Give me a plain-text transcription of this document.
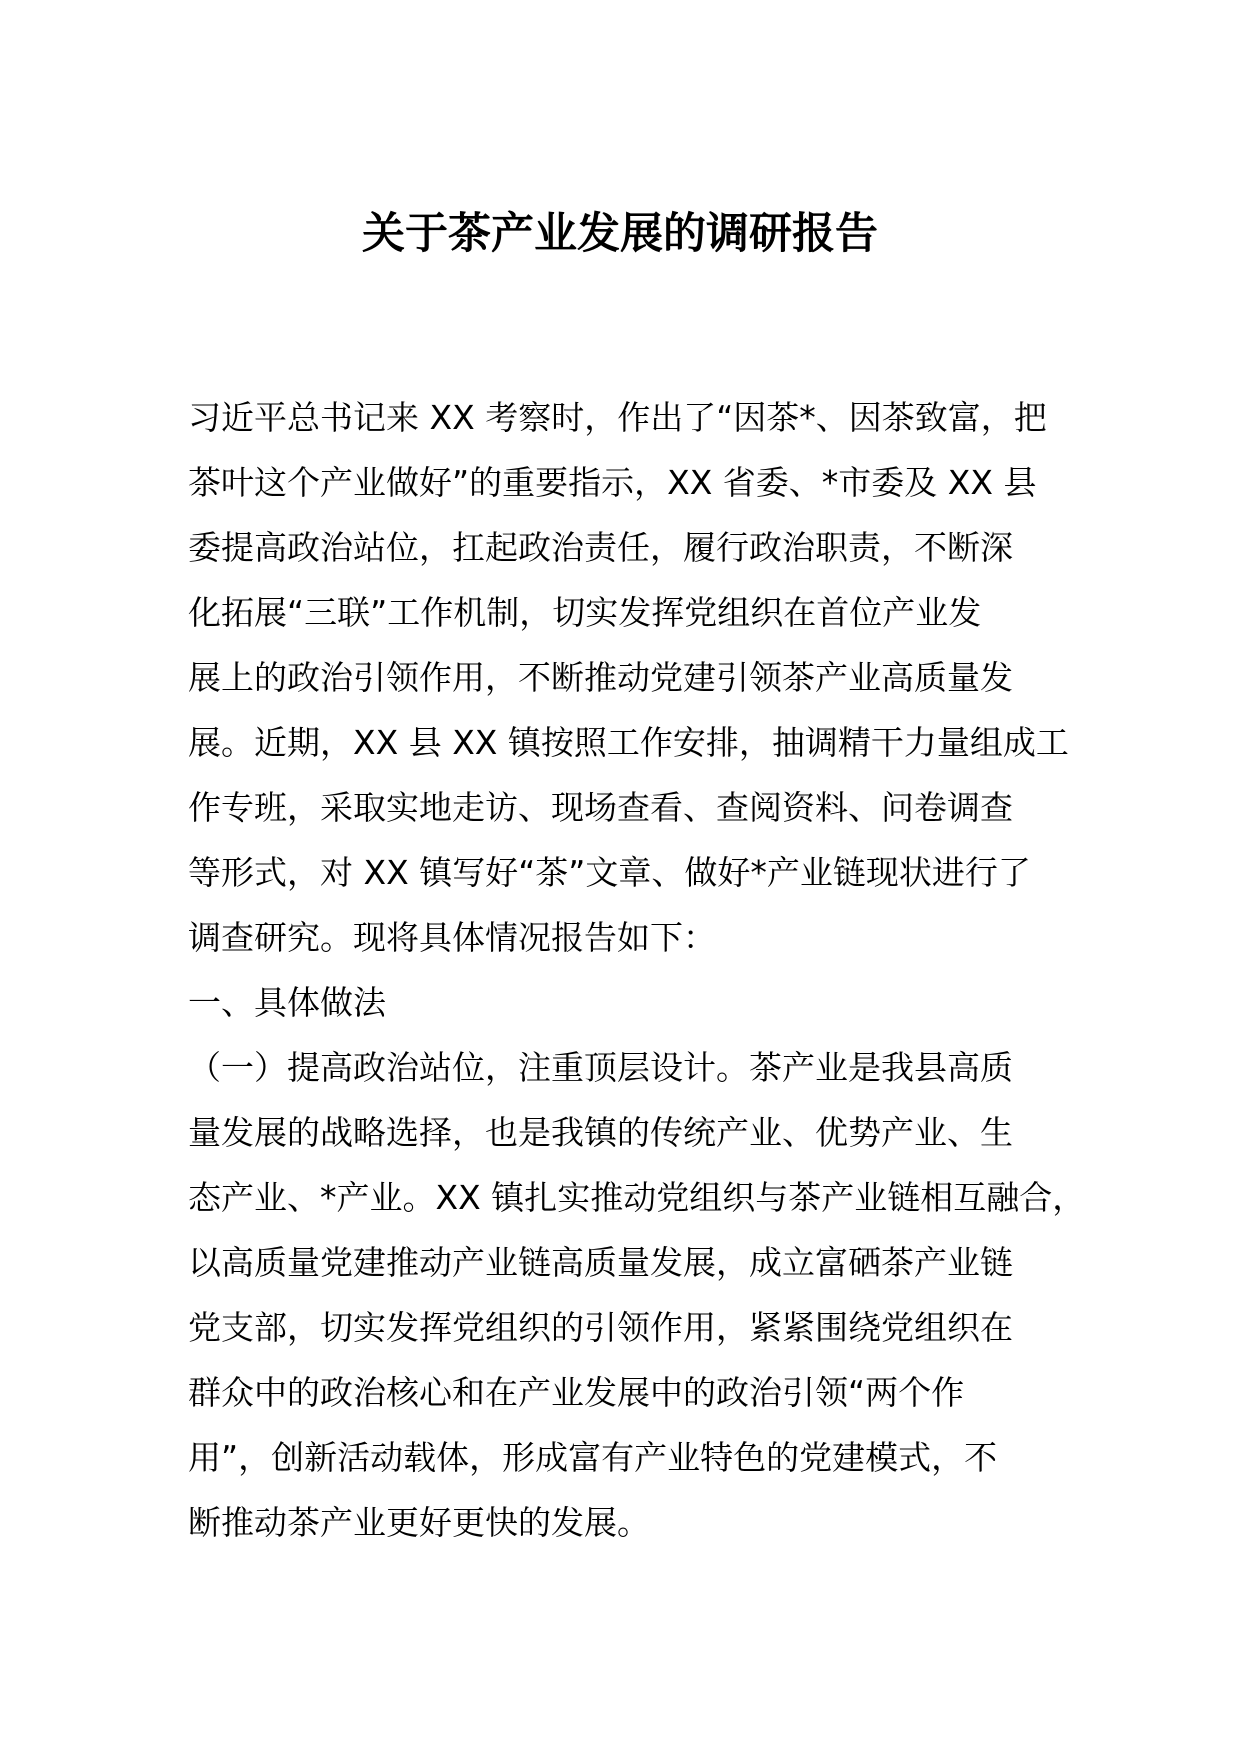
关于茶产业发展的调研报告
习近平总书记来 XX 考察时，作出了“因茶*、因茶致富，把
茶叶这个产业做好”的重要指示，XX 省委、*市委及 XX 县
委提高政治站位，扛起政治责任，履行政治职责，不断深
化拓展“三联”工作机制，切实发挥党组织在首位产业发
展上的政治引领作用，不断推动党建引领茶产业高质量发
展。近期，XX 县 XX 镇按照工作安排，抽调精干力量组成工
作专班，采取实地走访、现场查看、查阅资料、问卷调查
等形式，对 XX 镇写好“茶”文章、做好*产业链现状进行了
调查研究。现将具体情况报告如下：
一、具体做法
（一）提高政治站位，注重顶层设计。茶产业是我县高质
量发展的战略选择，也是我镇的传统产业、优势产业、生
态产业、*产业。XX 镇扎实推动党组织与茶产业链相互融合，
以高质量党建推动产业链高质量发展，成立富硒茶产业链
党支部，切实发挥党组织的引领作用，紧紧围绕党组织在
群众中的政治核心和在产业发展中的政治引领“两个作
用”，创新活动载体，形成富有产业特色的党建模式，不
断推动茶产业更好更快的发展。
